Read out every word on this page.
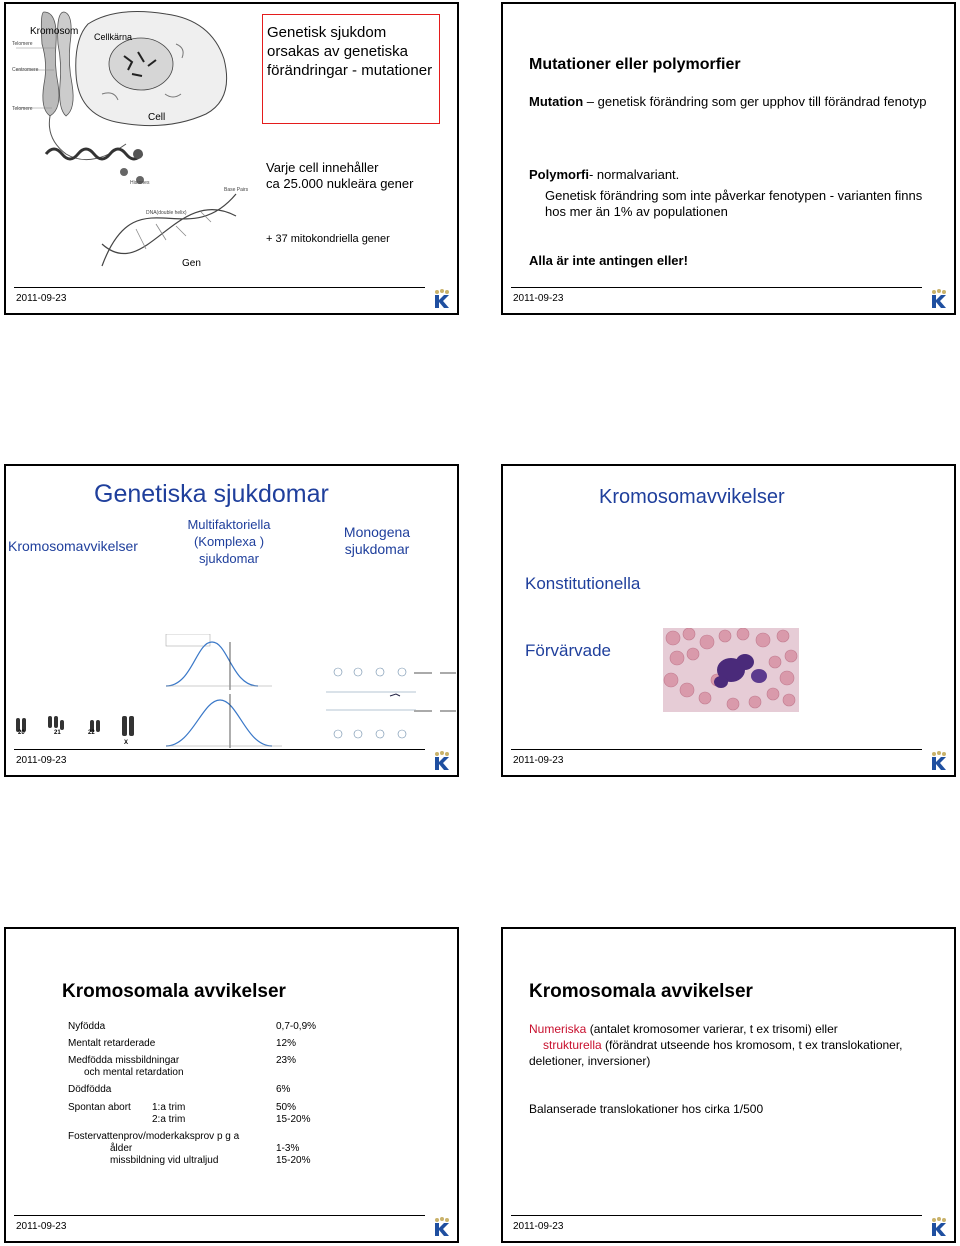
Kromosom Cellkärna
Cell
Histones
DNA(double helix)
Base Pairs
Telomere
Centromere
Telomere
Gen
Genetisk sjukdom orsakas av genetiska förändringar - mutationer
Varje cell innehåller
ca 25.000 nukleära gener
+ 37 mitokondriella gener
2011-09-23
Mutationer eller polymorfier
Mutation – genetisk förändring som ger upphov till förändrad fenotyp
Polymorfi- normalvariant.
Genetisk förändring som inte påverkar fenotypen - varianten finns hos mer än 1% av populationen
Alla är inte antingen eller!
2011-09-23
Genetiska sjukdomar
Kromosomavvikelser
Multifaktoriella (Komplexa ) sjukdomar
Monogena sjukdomar
20	21	22
X
2011-09-23
Kromosomavvikelser
Konstitutionella
Förvärvade
2011-09-23
Kromosomala avvikelser
Nyfödda	0,7-0,9%
Mentalt retarderade	12%
Medfödda missbildningar	23%
och mental retardation
Dödfödda	6%
Spontan abort 1:a trim	50%
2:a trim	15-20%
Fostervattenprov/moderkaksprov p g a
ålder	1-3%
missbildning vid ultraljud	15-20%
2011-09-23
Kromosomala avvikelser
Numeriska (antalet kromosomer varierar, t ex trisomi) eller
strukturella (förändrat utseende hos kromosom, t ex translokationer, deletioner, inversioner)
Balanserade translokationer hos cirka 1/500
2011-09-23
